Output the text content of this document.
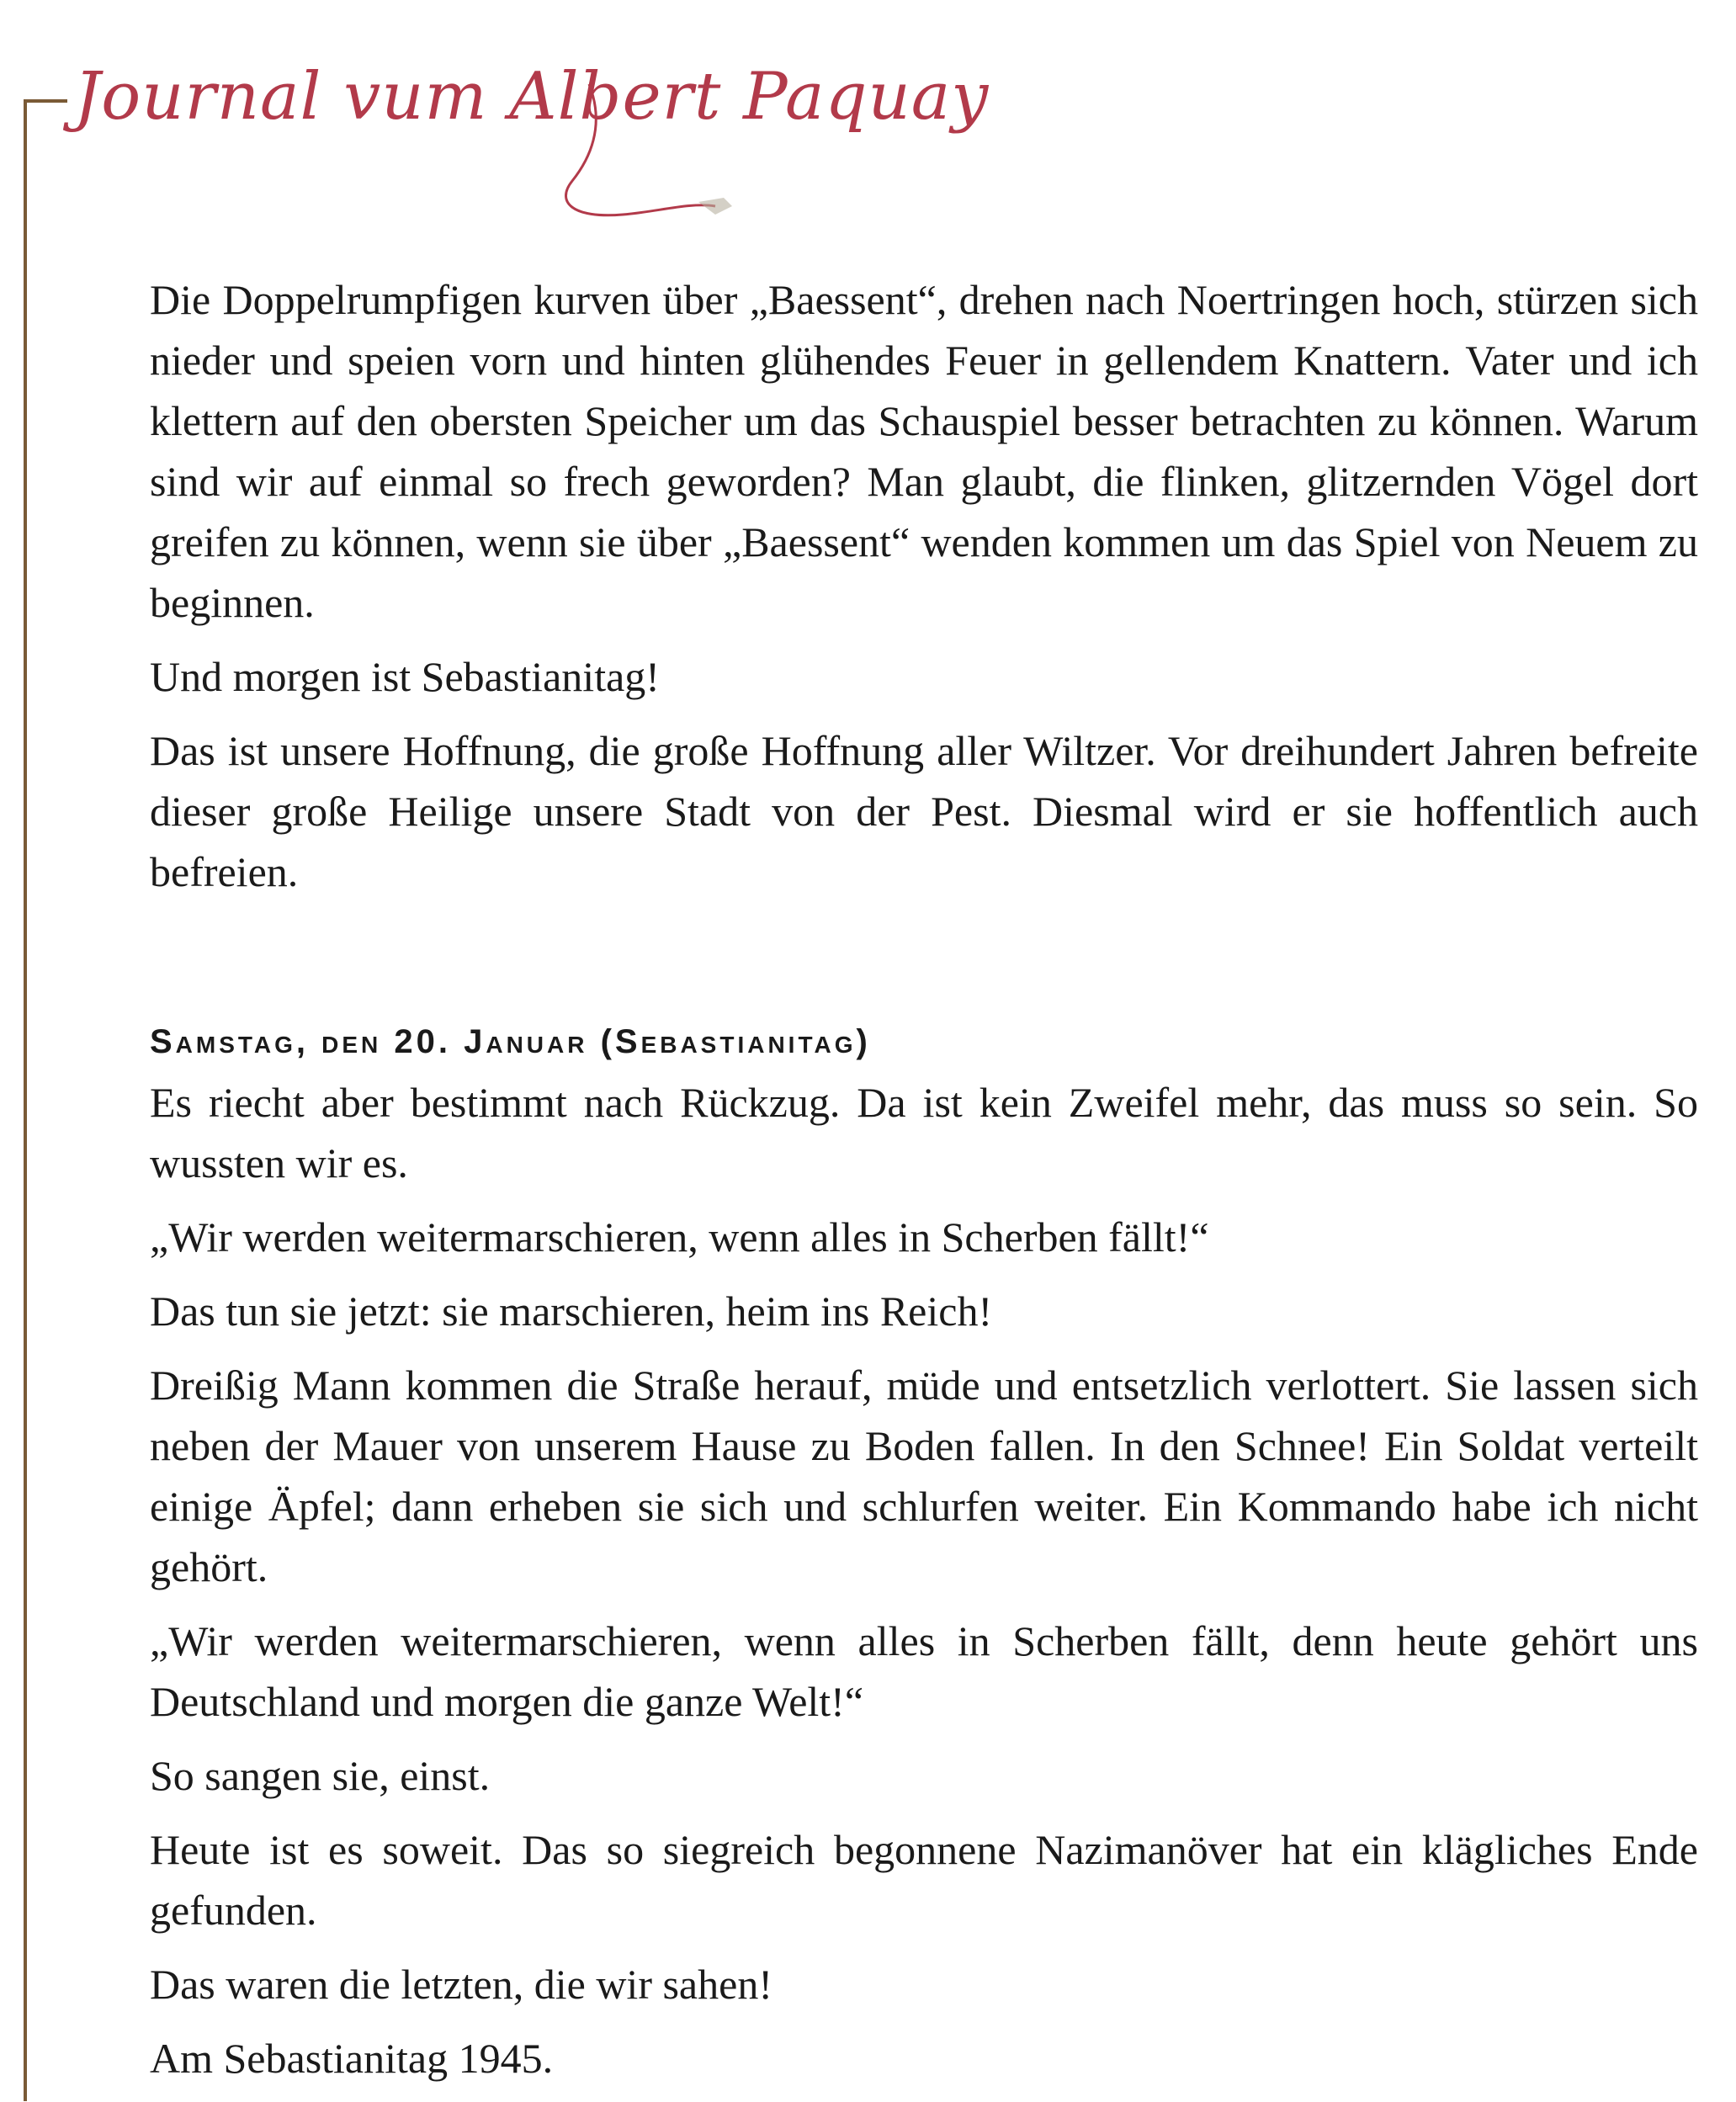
Journal vum Albert Paquay

Die Doppelrumpfigen kurven über „Baessent“, drehen nach Noertringen hoch, stürzen sich nieder und speien vorn und hinten glühendes Feuer in gellendem Knattern. Vater und ich klettern auf den obersten Speicher um das Schauspiel besser betrachten zu können. Warum sind wir auf einmal so frech geworden? Man glaubt, die flinken, glitzernden Vögel dort greifen zu können, wenn sie über „Baessent“ wenden kommen um das Spiel von Neuem zu beginnen.

Und morgen ist Sebastianitag!

Das ist unsere Hoffnung, die große Hoffnung aller Wiltzer. Vor dreihundert Jahren befreite dieser große Heilige unsere Stadt von der Pest. Diesmal wird er sie hoffentlich auch befreien.

Samstag, den 20. Januar (Sebastianitag)

Es riecht aber bestimmt nach Rückzug. Da ist kein Zweifel mehr, das muss so sein. So wussten wir es.

„Wir werden weitermarschieren, wenn alles in Scherben fällt!“

Das tun sie jetzt: sie marschieren, heim ins Reich!

Dreißig Mann kommen die Straße herauf, müde und entsetzlich verlottert. Sie lassen sich neben der Mauer von unserem Hause zu Boden fallen. In den Schnee! Ein Soldat verteilt einige Äpfel; dann erheben sie sich und schlurfen weiter. Ein Kommando habe ich nicht gehört.

„Wir werden weitermarschieren, wenn alles in Scherben fällt, denn heute gehört uns Deutschland und morgen die ganze Welt!“

So sangen sie, einst.

Heute ist es soweit. Das so siegreich begonnene Nazimanöver hat ein klägliches Ende gefunden.

Das waren die letzten, die wir sahen!

Am Sebastianitag 1945.
